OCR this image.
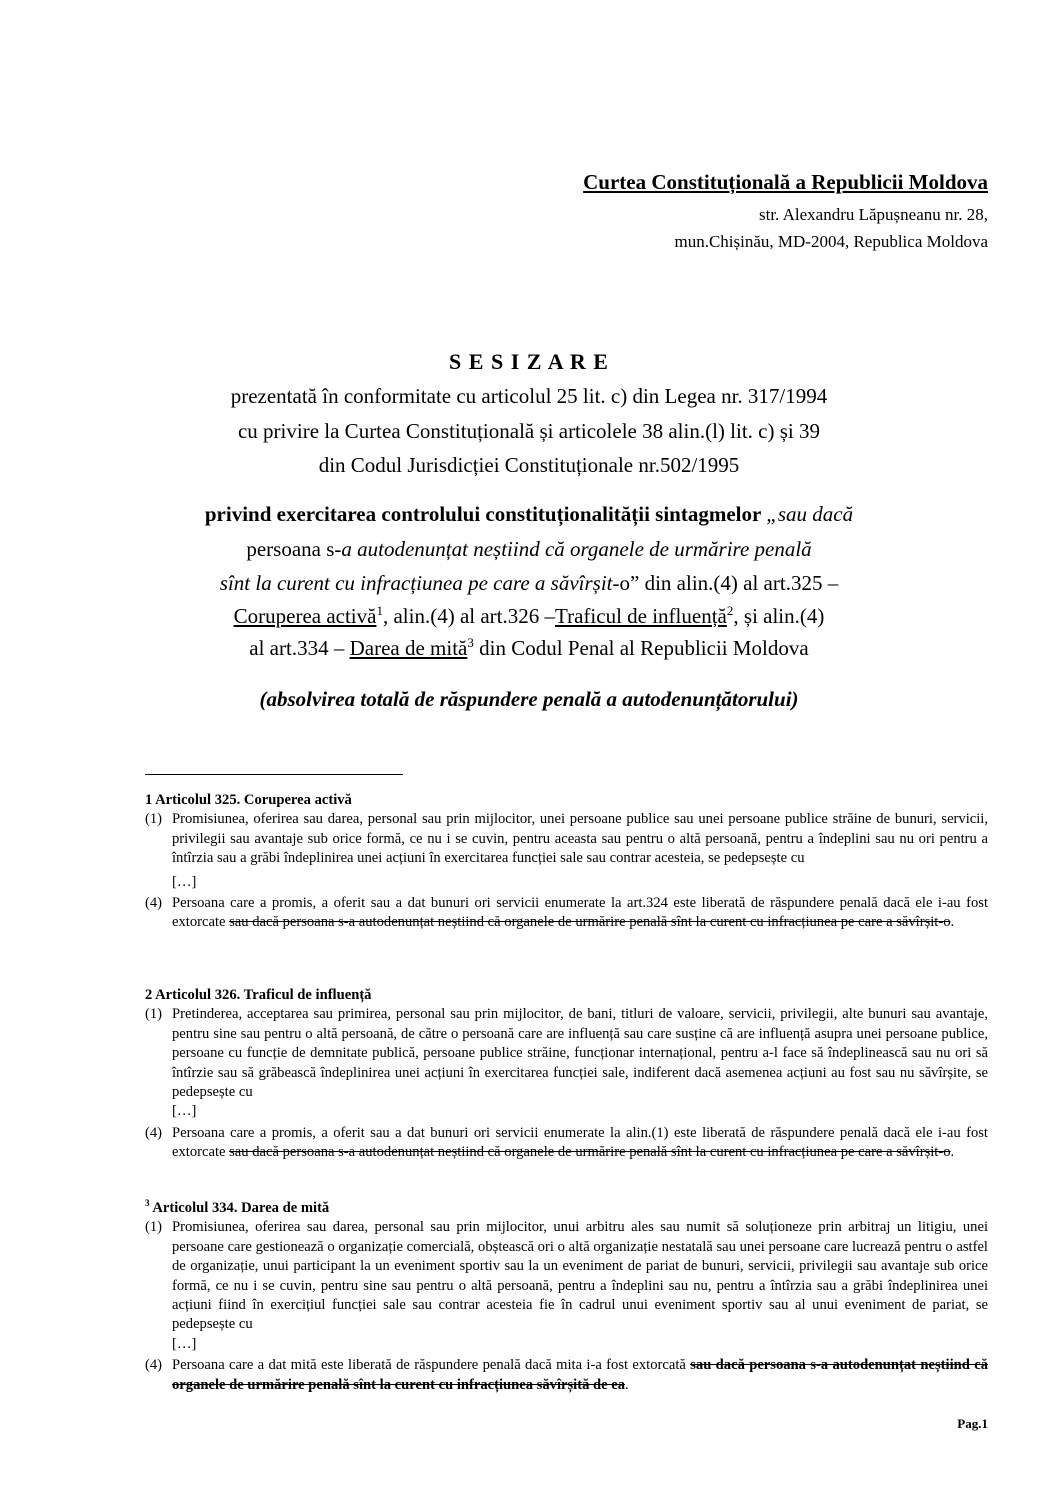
Curtea Constituțională a Republicii Moldova
str. Alexandru Lăpușneanu nr. 28,
mun.Chișinău, MD-2004, Republica Moldova
S E S I Z A R E
prezentată în conformitate cu articolul 25 lit. c) din Legea nr. 317/1994
cu privire la Curtea Constituțională și articolele 38 alin.(l) lit. c) și 39
din Codul Jurisdicției Constituționale nr.502/1995
privind exercitarea controlului constituționalității sintagmelor „sau dacă
persoana s-a autodenunțat neștiind că organele de urmărire penală
sînt la curent cu infracțiunea pe care a săvîrșit-o” din alin.(4) al art.325 –
Coruperea activă$^1$, alin.(4) al art.326 –Traficul de influență$^2$, și alin.(4)
al art.334 – Darea de mită$^3$ din Codul Penal al Republicii Moldova
(absolvirea totală de răspundere penală a autodenunțătorului)
1 Articolul 325. Coruperea activă
(1) Promisiunea, oferirea sau darea, personal sau prin mijlocitor, unei persoane publice sau unei persoane publice străine de bunuri, servicii, privilegii sau avantaje sub orice formă, ce nu i se cuvin, pentru aceasta sau pentru o altă persoană, pentru a îndeplini sau nu ori pentru a întîrzia sau a grăbi îndeplinirea unei acțiuni în exercitarea funcției sale sau contrar acesteia, se pedepsește cu
[…]
(4) Persoana care a promis, a oferit sau a dat bunuri ori servicii enumerate la art.324 este liberată de răspundere penală dacă ele i-au fost extorcate sau dacă persoana s-a autodenunțat neștiind că organele de urmărire penală sînt la curent cu infracțiunea pe care a săvîrșit-o.
2 Articolul 326. Traficul de influență
(1) Pretinderea, acceptarea sau primirea, personal sau prin mijlocitor, de bani, titluri de valoare, servicii, privilegii, alte bunuri sau avantaje, pentru sine sau pentru o altă persoană, de către o persoană care are influență sau care susține că are influență asupra unei persoane publice, persoane cu funcție de demnitate publică, persoane publice străine, funcționar internațional, pentru a-l face să îndeplinească sau nu ori să întîrzie sau să grăbească îndeplinirea unei acțiuni în exercitarea funcției sale, indiferent dacă asemenea acțiuni au fost sau nu săvîrșite, se pedepsește cu
[…]
(4) Persoana care a promis, a oferit sau a dat bunuri ori servicii enumerate la alin.(1) este liberată de răspundere penală dacă ele i-au fost extorcate sau dacă persoana s-a autodenunțat neștiind că organele de urmărire penală sînt la curent cu infracțiunea pe care a săvîrșit-o.
$^3$ Articolul 334. Darea de mită
(1) Promisiunea, oferirea sau darea, personal sau prin mijlocitor, unui arbitru ales sau numit să soluționeze prin arbitraj un litigiu, unei persoane care gestionează o organizație comercială, obștească ori o altă organizație nestatală sau unei persoane care lucrează pentru o astfel de organizație, unui participant la un eveniment sportiv sau la un eveniment de pariat de bunuri, servicii, privilegii sau avantaje sub orice formă, ce nu i se cuvin, pentru sine sau pentru o altă persoană, pentru a îndeplini sau nu, pentru a întîrzia sau a grăbi îndeplinirea unei acțiuni fiind în exercițiul funcției sale sau contrar acesteia fie în cadrul unui eveniment sportiv sau al unui eveniment de pariat, se pedepsește cu
[…]
(4) Persoana care a dat mită este liberată de răspundere penală dacă mita i-a fost extorcată sau dacă persoana s-a autodenunțat neștiind că organele de urmărire penală sînt la curent cu infracțiunea săvîrșită de ea.
Pag.1
